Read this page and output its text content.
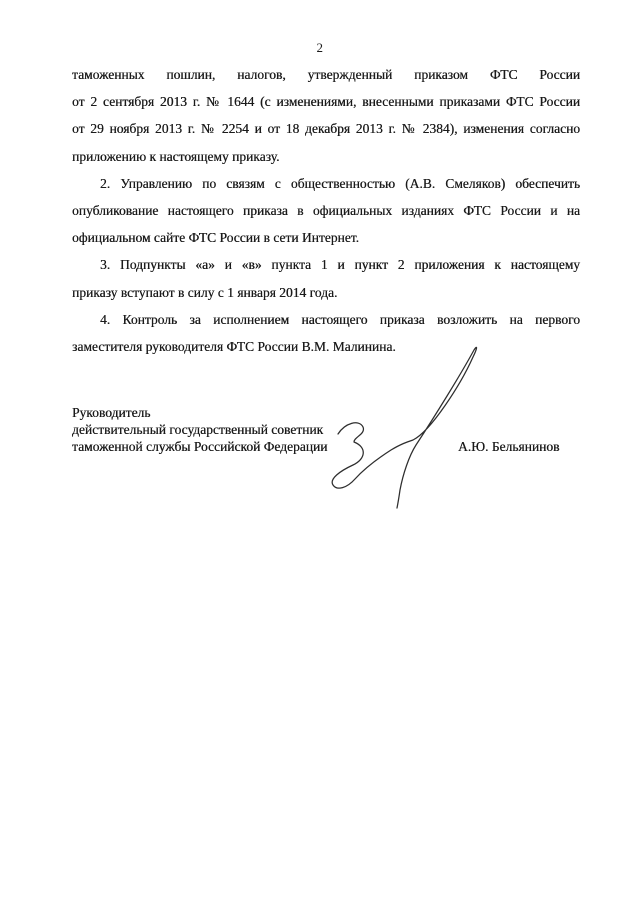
2
таможенных пошлин, налогов, утвержденный приказом ФТС России
от 2 сентября 2013 г. № 1644 (с изменениями, внесенными приказами ФТС России
от 29 ноября 2013 г. № 2254 и от 18 декабря 2013 г. № 2384), изменения согласно
приложению к настоящему приказу.
2. Управлению по связям с общественностью (А.В. Смеляков) обеспечить
опубликование настоящего приказа в официальных изданиях ФТС России и на
официальном сайте ФТС России в сети Интернет.
3. Подпункты «а» и «в» пункта 1 и пункт 2 приложения к настоящему
приказу вступают в силу с 1 января 2014 года.
4. Контроль за исполнением настоящего приказа возложить на первого
заместителя руководителя ФТС России В.М. Малинина.
Руководитель
действительный государственный советник
таможенной службы Российской Федерации	А.Ю. Бельянинов
